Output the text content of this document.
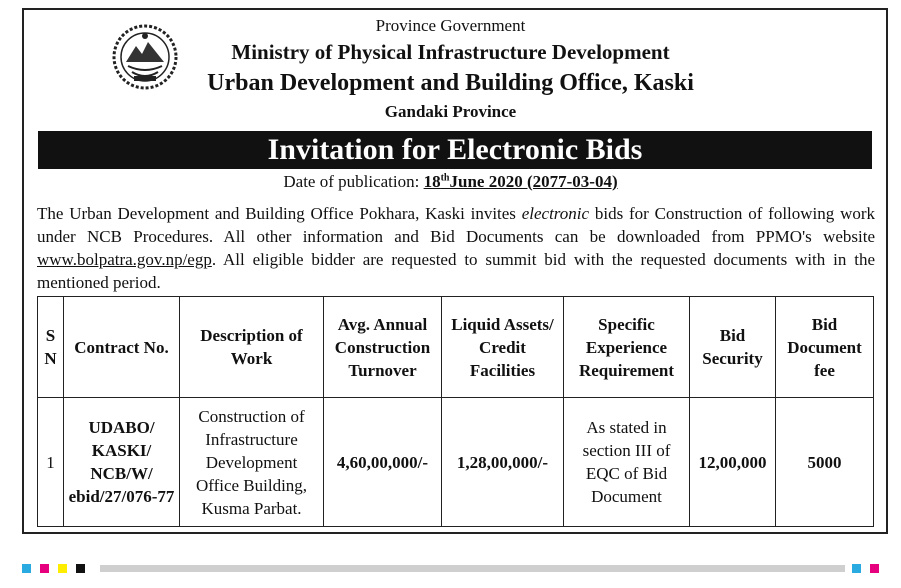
Province Government
Ministry of Physical Infrastructure Development
Urban Development and Building Office, Kaski
Gandaki Province
Invitation for Electronic Bids
Date of publication: 18thJune 2020 (2077-03-04)
The Urban Development and Building Office Pokhara, Kaski invites electronic bids for Construction of following work under NCB Procedures. All other information and Bid Documents can be downloaded from PPMO's website www.bolpatra.gov.np/egp. All eligible bidder are requested to summit bid with the requested documents with in the mentioned period.
S N	Contract No.	Description of Work	Avg. Annual Construction Turnover	Liquid Assets/ Credit Facilities	Specific Experience Requirement	Bid Security	Bid Document fee
1	UDABO/ KASKI/ NCB/W/ ebid/27/076-77	Construction of Infrastructure Development Office Building, Kusma Parbat.	4,60,00,000/-	1,28,00,000/-	As stated in section III of EQC of Bid Document	12,00,000	5000
